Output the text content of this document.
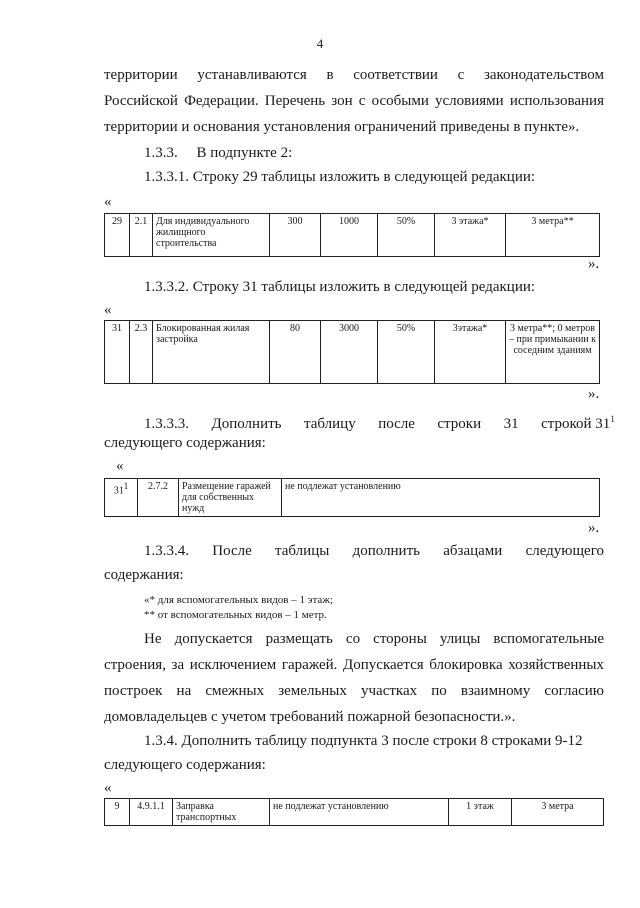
4
территории устанавливаются в соответствии с законодательством
Российской Федерации. Перечень зон с особыми условиями использования
территории и основания установления ограничений приведены в пункте».
1.3.3.     В подпункте 2:
1.3.3.1. Строку 29 таблицы изложить в следующей редакции:
«
29	2.1	Для индивидуального жилищного строительства	300	1000	50%	3 этажа*	3 метра**
».
1.3.3.2. Строку 31 таблицы изложить в следующей редакции:
«
31	2.3	Блокированная жилая застройка	80	3000	50%	3этажа*	3 метра**; 0 метров – при примыкании к соседним зданиям
».
1.3.3.3.      Дополнить      таблицу      после      строки      31      строкой $31^1$
следующего содержания:
«
$31^1$	2.7.2	Размещение гаражей для собственных нужд	не подлежат установлению
».
1.3.3.4. После таблицы дополнить абзацами следующего
содержания:
«* для вспомогательных видов – 1 этаж;
** от вспомогательных видов – 1 метр.
Не допускается размещать со стороны улицы вспомогательные
строения, за исключением гаражей. Допускается блокировка хозяйственных
построек на смежных земельных участках по взаимному согласию
домовладельцев с учетом требований пожарной безопасности.».
1.3.4. Дополнить таблицу подпункта 3 после строки 8 строками 9-12
следующего содержания:
«
9	4.9.1.1	Заправка транспортных	не подлежат установлению	1 этаж	3 метра
